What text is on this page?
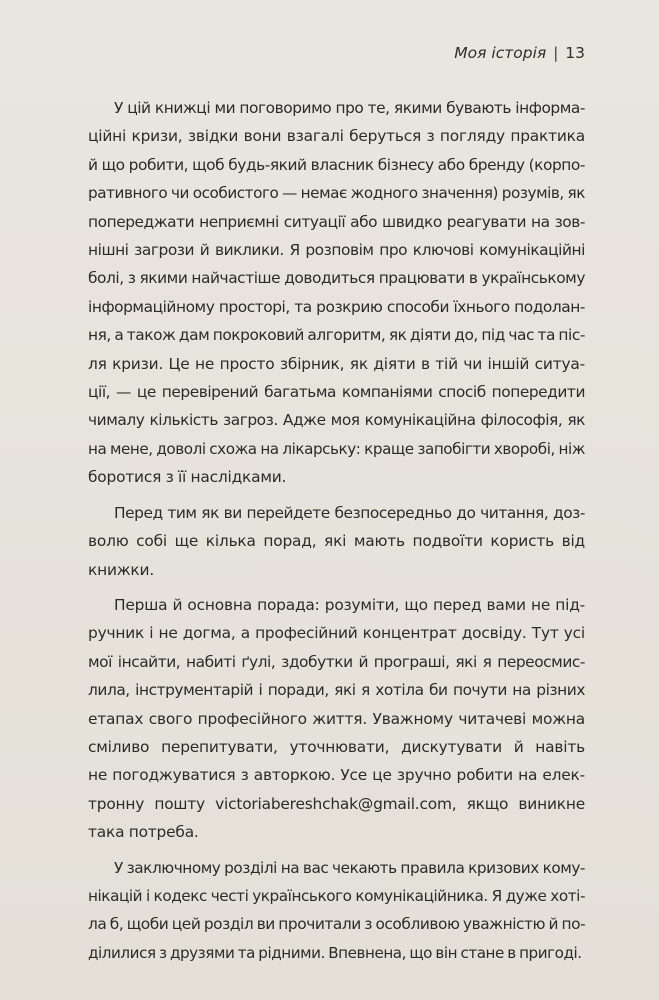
Моя історія | 13
У цій книжці ми поговоримо про те, якими бувають інформа-
ційні кризи, звідки вони взагалі беруться з погляду практика
й що робити, щоб будь-який власник бізнесу або бренду (корпо-
ративного чи особистого — немає жодного значення) розумів, як
попереджати неприємні ситуації або швидко реагувати на зов-
нішні загрози й виклики. Я розповім про ключові комунікаційні
болі, з якими найчастіше доводиться працювати в українському
інформаційному просторі, та розкрию способи їхнього подолан-
ня, а також дам покроковий алгоритм, як діяти до, під час та піс-
ля кризи. Це не просто збірник, як діяти в тій чи іншій ситуа-
ції, — це перевірений багатьма компаніями спосіб попередити
чималу кількість загроз. Адже моя комунікаційна філософія, як
на мене, доволі схожа на лікарську: краще запобігти хворобі, ніж
боротися з її наслідками.
Перед тим як ви перейдете безпосередньо до читання, доз-
волю собі ще кілька порад, які мають подвоїти користь від
книжки.
Перша й основна порада: розуміти, що перед вами не під-
ручник і не догма, а професійний концентрат досвіду. Тут усі
мої інсайти, набиті ґулі, здобутки й програші, які я переосмис-
лила, інструментарій і поради, які я хотіла би почути на різних
етапах свого професійного життя. Уважному читачеві можна
сміливо перепитувати, уточнювати, дискутувати й навіть
не погоджуватися з авторкою. Усе це зручно робити на елек-
тронну пошту victoriabereshchak@gmail.com, якщо виникне
така потреба.
У заключному розділі на вас чекають правила кризових кому-
нікацій і кодекс честі українського комунікаційника. Я дуже хоті-
ла б, щоби цей розділ ви прочитали з особливою уважністю й по-
ділилися з друзями та рідними. Впевнена, що він стане в пригоді.
